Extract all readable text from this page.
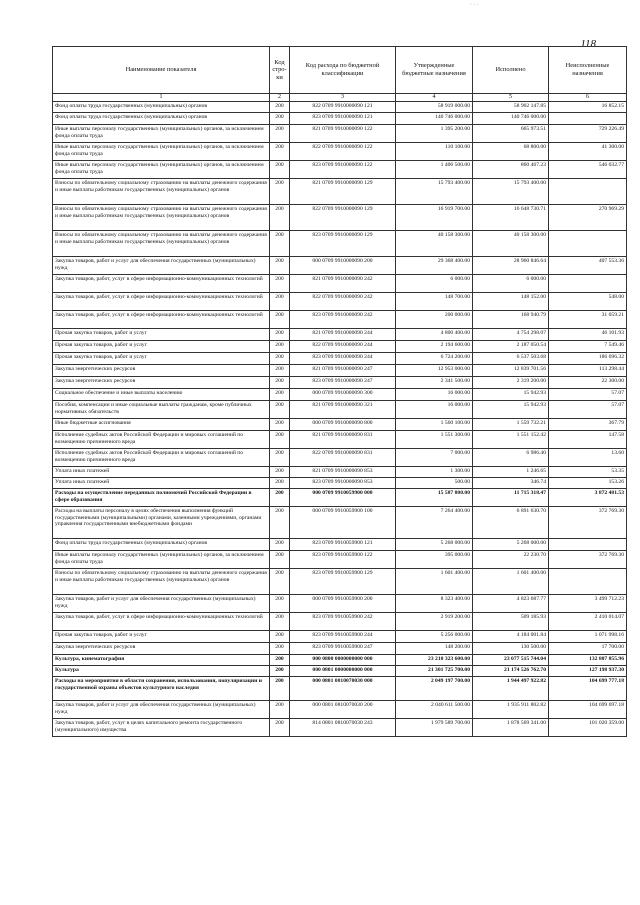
· · ·
118
Наименование показателя	Код стро-ки	Код расхода по бюджетной классификации	Утвержденные бюджетные назначения	Исполнено	Неисполненные назначения
1	2	3	4	5	6
Фонд оплаты труда государственных (муниципальных) органов	200	822 0709 9910000090 121	58 919 000.00	58 902 147.85	16 852.15
Фонд оплаты труда государственных (муниципальных) органов	200	823 0709 9910000090 121	140 746 000.00	140 746 000.00	
Иные выплаты персоналу государственных (муниципальных) органов, за исключением фонда оплаты труда	200	821 0709 9910000090 122	1 395 200.00	665 973.51	729 226.49
Иные выплаты персоналу государственных (муниципальных) органов, за исключением фонда оплаты труда	200	822 0709 9910000090 122	110 100.00	68 800.00	41 300.00
Иные выплаты персоналу государственных (муниципальных) органов, за исключением фонда оплаты труда	200	823 0709 9910000090 122	1 406 500.00	860 467.23	546 032.77
Взносы по обязательному социальному страхованию на выплаты денежного содержания и иные выплаты работникам государственных (муниципальных) органов	200	821 0709 9910000090 129	15 793 400.00	15 793 400.00	
Взносы по обязательному социальному страхованию на выплаты денежного содержания и иные выплаты работникам государственных (муниципальных) органов	200	822 0709 9910000090 129	16 919 700.00	16 648 730.71	270 969.29
Взносы по обязательному социальному страхованию на выплаты денежного содержания и иные выплаты работникам государственных (муниципальных) органов	200	823 0709 9910000090 129	40 158 300.00	40 158 300.00	
Закупка товаров, работ и услуг для обеспечения государственных (муниципальных) нужд	200	000 0709 9910000090 200	29 368 400.00	28 960 846.64	407 553.36
Закупка товаров, работ, услуг в сфере информационно-коммуникационных технологий	200	821 0709 9910000090 242	6 000.00	6 000.00	
Закупка товаров, работ, услуг в сфере информационно-коммуникационных технологий	200	822 0709 9910000090 242	148 700.00	148 152.00	548.00
Закупка товаров, работ, услуг в сфере информационно-коммуникационных технологий	200	823 0709 9910000090 242	200 000.00	168 940.79	31 059.21
Прочая закупка товаров, работ и услуг	200	821 0709 9910000090 244	4 800 400.00	4 754 298.07	46 101.93
Прочая закупка товаров, работ и услуг	200	822 0709 9910000090 244	2 194 600.00	2 187 050.54	7 549.46
Прочая закупка товаров, работ и услуг	200	823 0709 9910000090 244	6 724 200.00	6 537 503.68	186 696.32
Закупка энергетических ресурсов	200	821 0709 9910000090 247	12 953 000.00	12 839 701.56	113 298.44
Закупка энергетических ресурсов	200	823 0709 9910000090 247	2 341 500.00	2 319 200.00	22 300.00
Социальное обеспечение и иные выплаты населению	200	000 0709 9910000090 300	16 000.00	15 942.93	57.07
Пособия, компенсации и иные социальные выплаты гражданам, кроме публичных нормативных обязательств	200	821 0709 9910000090 321	16 000.00	15 942.93	57.07
Иные бюджетные ассигнования	200	000 0709 9910000090 800	1 560 100.00	1 559 732.21	367.79
Исполнение судебных актов Российской Федерации и мировых соглашений по возмещению причиненного вреда	200	821 0709 9910000090 831	1 551 300.00	1 551 152.42	147.58
Исполнение судебных актов Российской Федерации и мировых соглашений по возмещению причиненного вреда	200	822 0709 9910000090 831	7 000.00	6 986.40	13.60
Уплата иных платежей	200	821 0709 9910000090 853	1 300.00	1 246.65	53.35
Уплата иных платежей	200	823 0709 9910000090 853	500.00	346.74	153.26
Расходы на осуществление переданных полномочий Российской Федерации в сфере образования	200	000 0709 9910059900 000	15 587 800.00	11 715 318.47	3 872 481.53
Расходы на выплаты персоналу в целях обеспечения выполнения функций государственными (муниципальными) органами, казенными учреждениями, органами управления государственными внебюджетными фондами	200	000 0709 9910059900 100	7 264 400.00	6 891 630.70	372 769.30
Фонд оплаты труда государственных (муниципальных) органов	200	823 0709 9910059900 121	5 268 000.00	5 268 000.00	
Иные выплаты персоналу государственных (муниципальных) органов, за исключением фонда оплаты труда	200	823 0709 9910059900 122	395 000.00	22 230.70	372 769.30
Взносы по обязательному социальному страхованию на выплаты денежного содержания и иные выплаты работникам государственных (муниципальных) органов	200	823 0709 9910059900 129	1 601 400.00	1 601 400.00	
Закупка товаров, работ и услуг для обеспечения государственных (муниципальных) нужд	200	000 0709 9910059900 200	8 323 400.00	4 823 687.77	3 499 712.23
Закупка товаров, работ, услуг в сфере информационно-коммуникационных технологий	200	823 0709 9910059900 242	2 919 200.00	509 185.93	2 410 014.07
Прочая закупка товаров, работ и услуг	200	823 0709 9910059900 244	5 256 000.00	4 184 001.84	1 071 998.16
Закупка энергетических ресурсов	200	823 0709 9910059900 247	148 200.00	130 500.00	17 700.00
Культура, кинематография	200	000 0800 0000000000 000	23 210 323 600.00	23 077 515 744.04	132 807 855.96
Культура	200	000 0801 0000000000 000	21 301 725 700.00	21 174 526 762.70	127 198 937.30
Расходы на мероприятия в области сохранения, использования, популяризации и государственной охраны объектов культурного наследия	200	000 0801 0810070030 000	2 049 197 700.00	1 944 497 922.82	104 699 777.18
Закупка товаров, работ и услуг для обеспечения государственных (муниципальных) нужд	200	000 0801 0810070030 200	2 040 611 500.00	1 935 911 802.82	104 699 697.18
Закупка товаров, работ, услуг в целях капитального ремонта государственного (муниципального) имущества	200	814 0801 0810070030 243	1 979 589 700.00	1 878 569 341.00	101 020 359.00
